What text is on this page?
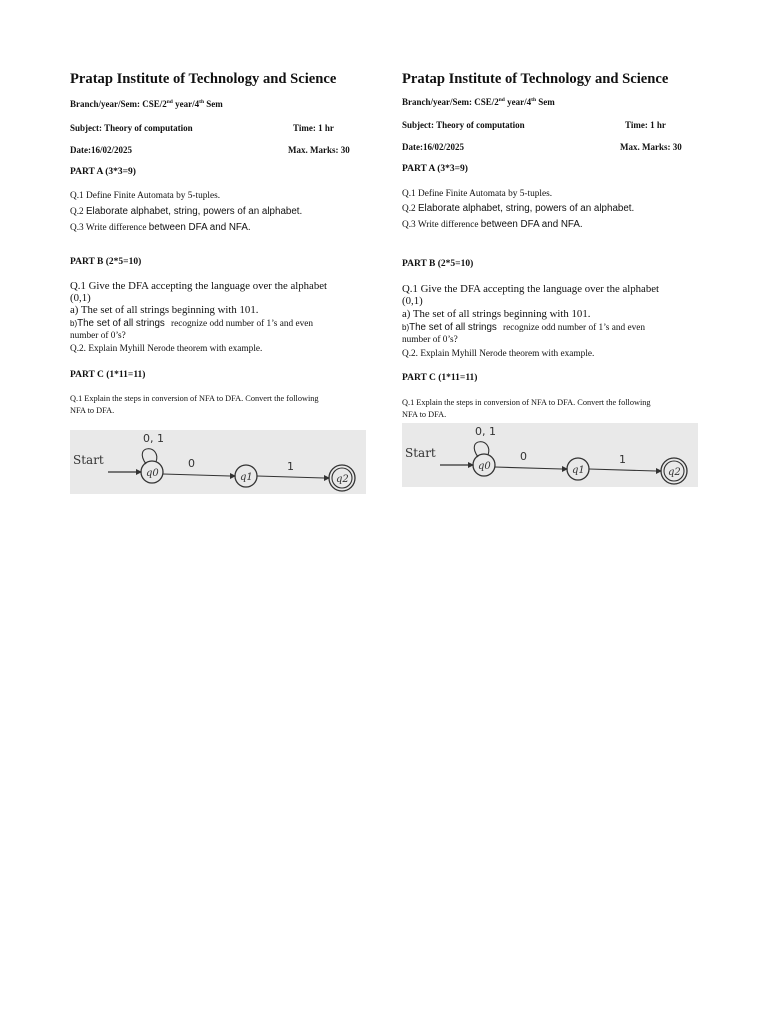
Pratap Institute of Technology and Science
Branch/year/Sem: CSE/2nd year/4th Sem
Subject: Theory of computation	Time: 1 hr
Date:16/02/2025	Max. Marks: 30
PART A (3*3=9)
Q.1 Define Finite Automata by 5-tuples.
Q.2 Elaborate alphabet, string, powers of an alphabet.
Q.3 Write difference between DFA and NFA.
PART B (2*5=10)
Q.1 Give the DFA accepting the language over the alphabet
(0,1)
a) The set of all strings beginning with 101.
b)The set of all strings recognize odd number of 1’s and even
number of 0’s?
Q.2. Explain Myhill Nerode theorem with example.
PART C (1*11=11)
Q.1 Explain the steps in conversion of NFA to DFA. Convert the following
NFA to DFA.
Start
0, 1
q0
0
q1
1
q2
Pratap Institute of Technology and Science
Branch/year/Sem: CSE/2nd year/4th Sem
Subject: Theory of computation	Time: 1 hr
Date:16/02/2025	Max. Marks: 30
PART A (3*3=9)
Q.1 Define Finite Automata by 5-tuples.
Q.2 Elaborate alphabet, string, powers of an alphabet.
Q.3 Write difference between DFA and NFA.
PART B (2*5=10)
Q.1 Give the DFA accepting the language over the alphabet
(0,1)
a) The set of all strings beginning with 101.
b)The set of all strings recognize odd number of 1’s and even
number of 0’s?
Q.2. Explain Myhill Nerode theorem with example.
PART C (1*11=11)
Q.1 Explain the steps in conversion of NFA to DFA. Convert the following
NFA to DFA.
Start
0, 1
q0
0
q1
1
q2
